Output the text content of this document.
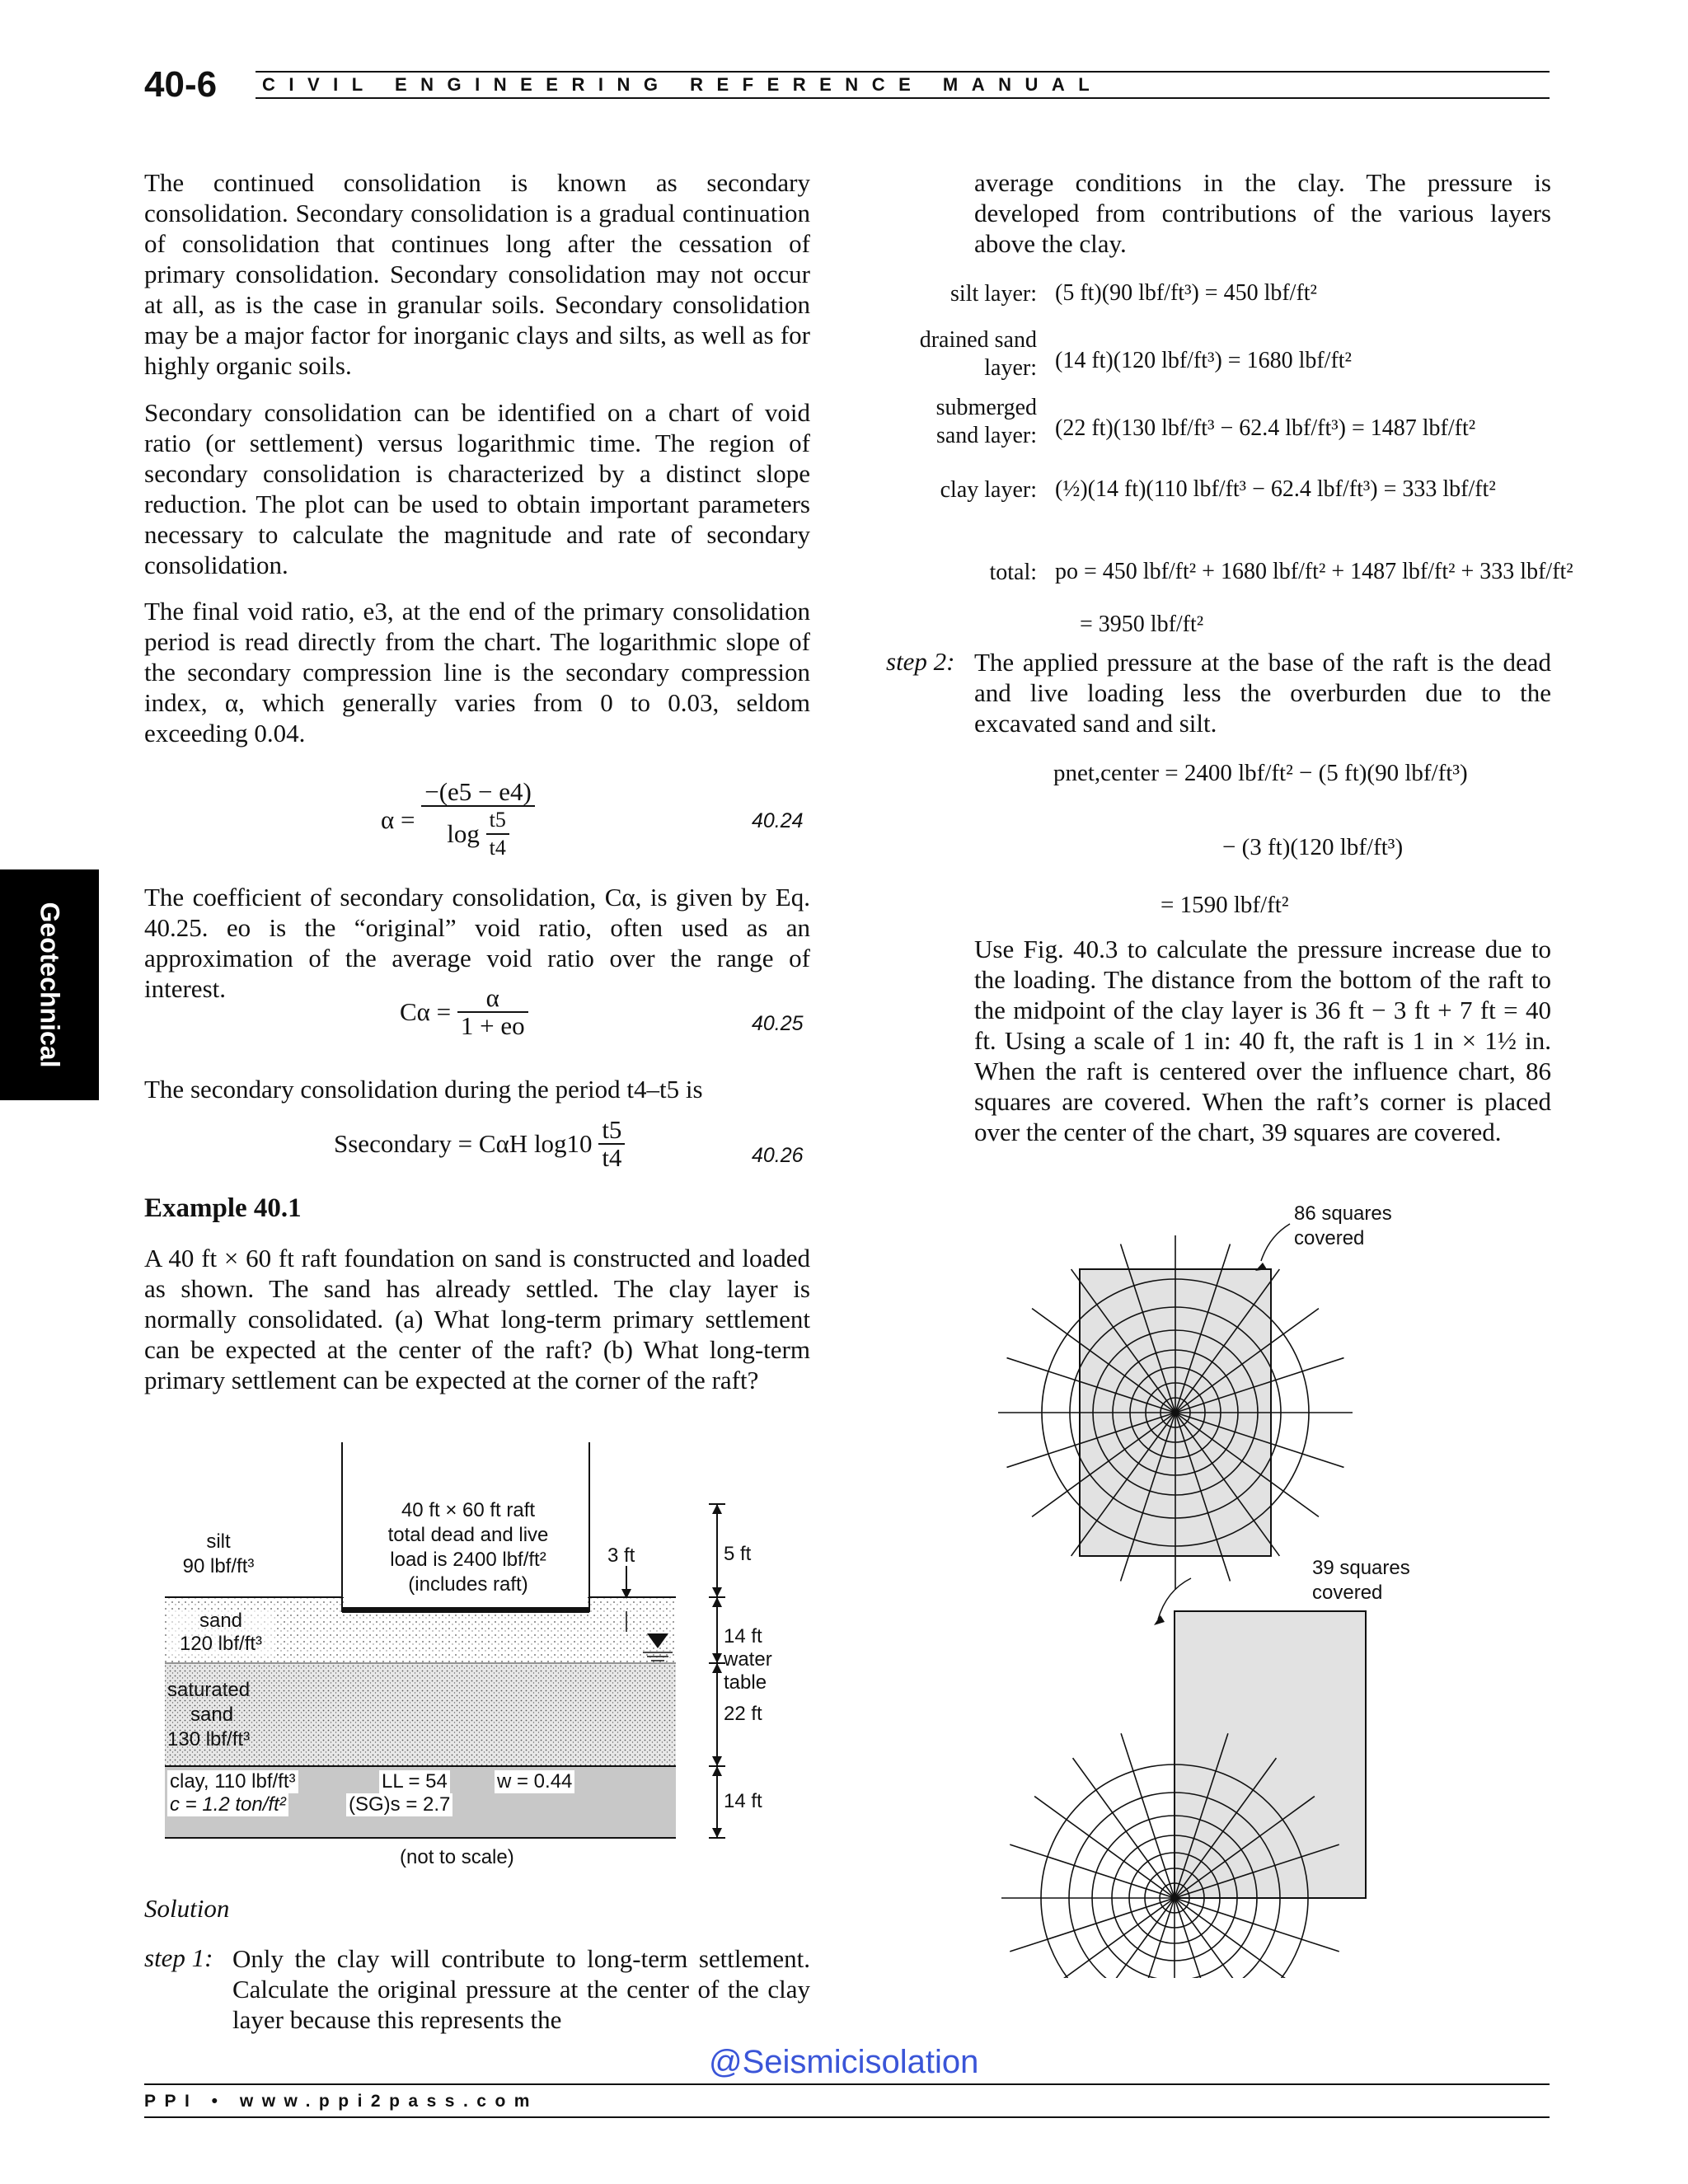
40-6 CIVIL ENGINEERING REFERENCE MANUAL
Geotechnical
The continued consolidation is known as secondary consolidation. Secondary consolidation is a gradual continuation of consolidation that continues long after the cessation of primary consolidation. Secondary consolidation may not occur at all, as is the case in granular soils. Secondary consolidation may be a major factor for inorganic clays and silts, as well as for highly organic soils.
Secondary consolidation can be identified on a chart of void ratio (or settlement) versus logarithmic time. The region of secondary consolidation is characterized by a distinct slope reduction. The plot can be used to obtain important parameters necessary to calculate the magnitude and rate of secondary consolidation.
The final void ratio, e3, at the end of the primary consolidation period is read directly from the chart. The logarithmic slope of the secondary compression line is the secondary compression index, α, which generally varies from 0 to 0.03, seldom exceeding 0.04.
$\alpha = \frac{-(e5 - e4)}{\log \frac{t5}{t4}}$	40.24
The coefficient of secondary consolidation, Cα, is given by Eq. 40.25. eo is the “original” void ratio, often used as an approximation of the average void ratio over the range of interest.
$C\alpha = \frac{\alpha}{1 + eo}$	40.25
The secondary consolidation during the period t4–t5 is
Ssecondary = CαH $\log 10 \frac{t5}{t4}$	40.26
Example 40.1
A 40 ft × 60 ft raft foundation on sand is constructed and loaded as shown. The sand has already settled. The clay layer is normally consolidated. (a) What long-term primary settlement can be expected at the center of the raft? (b) What long-term primary settlement can be expected at the corner of the raft?
40 ft × 60 ft raft
total dead and live
load is 2400 lbf/ft²
(includes raft)
silt
90 lbf/ft³	3 ft	5 ft
sand
120 lbf/ft³	14 ft
water
table
saturated
sand
130 lbf/ft³
22 ft
clay, 110 lbf/ft³
c = 1.2 ton/ft²
LL = 54
(SG)s = 2.7
w = 0.44
14 ft
(not to scale)
Solution
step 1: Only the clay will contribute to long-term settlement. Calculate the original pressure at the center of the clay layer because this represents the
average conditions in the clay. The pressure is developed from contributions of the various layers above the clay.
silt layer: (5 ft)(90 lbf/ft³) = 450 lbf/ft²
drained sand
layer: (14 ft)(120 lbf/ft³) = 1680 lbf/ft²
submerged
sand layer: (22 ft)(130 lbf/ft³ − 62.4 lbf/ft³) = 1487 lbf/ft²
clay layer: (½)(14 ft)(110 lbf/ft³ − 62.4 lbf/ft³) = 333 lbf/ft²
total: po = 450 lbf/ft² + 1680 lbf/ft² + 1487 lbf/ft² + 333 lbf/ft²
= 3950 lbf/ft²
step 2: The applied pressure at the base of the raft is the dead and live loading less the overburden due to the excavated sand and silt.
pnet,center = 2400 lbf/ft² − (5 ft)(90 lbf/ft³)
− (3 ft)(120 lbf/ft³)
= 1590 lbf/ft²
Use Fig. 40.3 to calculate the pressure increase due to the loading. The distance from the bottom of the raft to the midpoint of the clay layer is 36 ft − 3 ft + 7 ft = 40 ft. Using a scale of 1 in: 40 ft, the raft is 1 in × 1½ in. When the raft is centered over the influence chart, 86 squares are covered. When the raft’s corner is placed over the center of the chart, 39 squares are covered.
86 squares
covered
39 squares
covered
@Seismicisolation
PPI • www.ppi2pass.com
